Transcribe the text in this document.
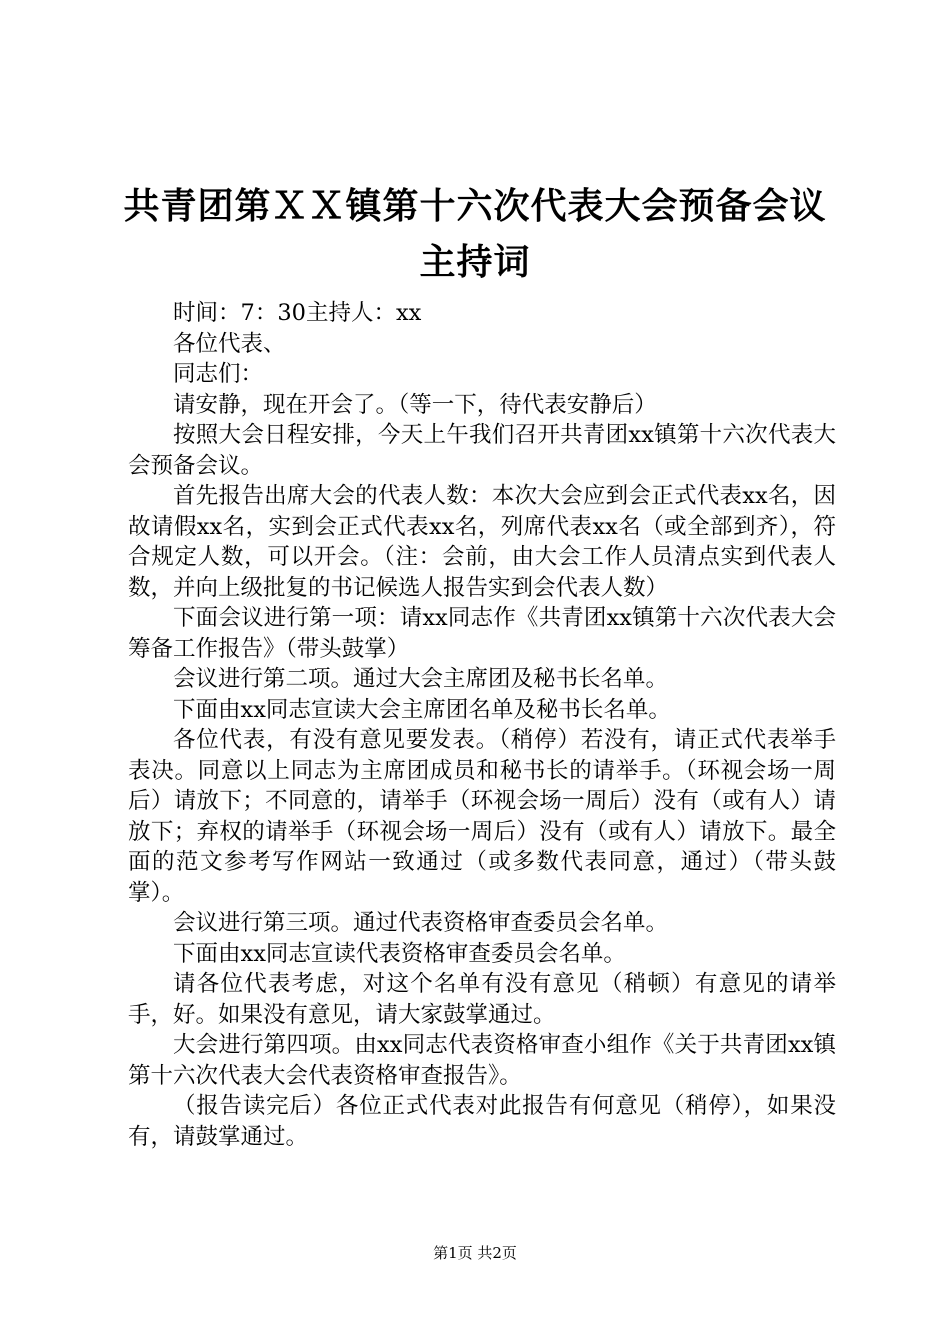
共青团第ＸＸ镇第十六次代表大会预备会议主持词

时间：7：30主持人：xx

各位代表、

同志们：

请安静，现在开会了。（等一下，待代表安静后）

按照大会日程安排，今天上午我们召开共青团xx镇第十六次代表大会预备会议。

首先报告出席大会的代表人数：本次大会应到会正式代表xx名，因故请假xx名，实到会正式代表xx名，列席代表xx名（或全部到齐），符合规定人数，可以开会。（注：会前，由大会工作人员清点实到代表人数，并向上级批复的书记候选人报告实到会代表人数）

下面会议进行第一项：请xx同志作《共青团xx镇第十六次代表大会筹备工作报告》（带头鼓掌）

会议进行第二项。通过大会主席团及秘书长名单。

下面由xx同志宣读大会主席团名单及秘书长名单。

各位代表，有没有意见要发表。（稍停）若没有，请正式代表举手表决。同意以上同志为主席团成员和秘书长的请举手。（环视会场一周后）请放下；不同意的，请举手（环视会场一周后）没有（或有人）请放下；弃权的请举手（环视会场一周后）没有（或有人）请放下。最全面的范文参考写作网站一致通过（或多数代表同意，通过）（带头鼓掌）。

会议进行第三项。通过代表资格审查委员会名单。

下面由xx同志宣读代表资格审查委员会名单。

请各位代表考虑，对这个名单有没有意见（稍顿）有意见的请举手，好。如果没有意见，请大家鼓掌通过。

大会进行第四项。由xx同志代表资格审查小组作《关于共青团xx镇第十六次代表大会代表资格审查报告》。

（报告读完后）各位正式代表对此报告有何意见（稍停），如果没有，请鼓掌通过。

第1页 共2页
